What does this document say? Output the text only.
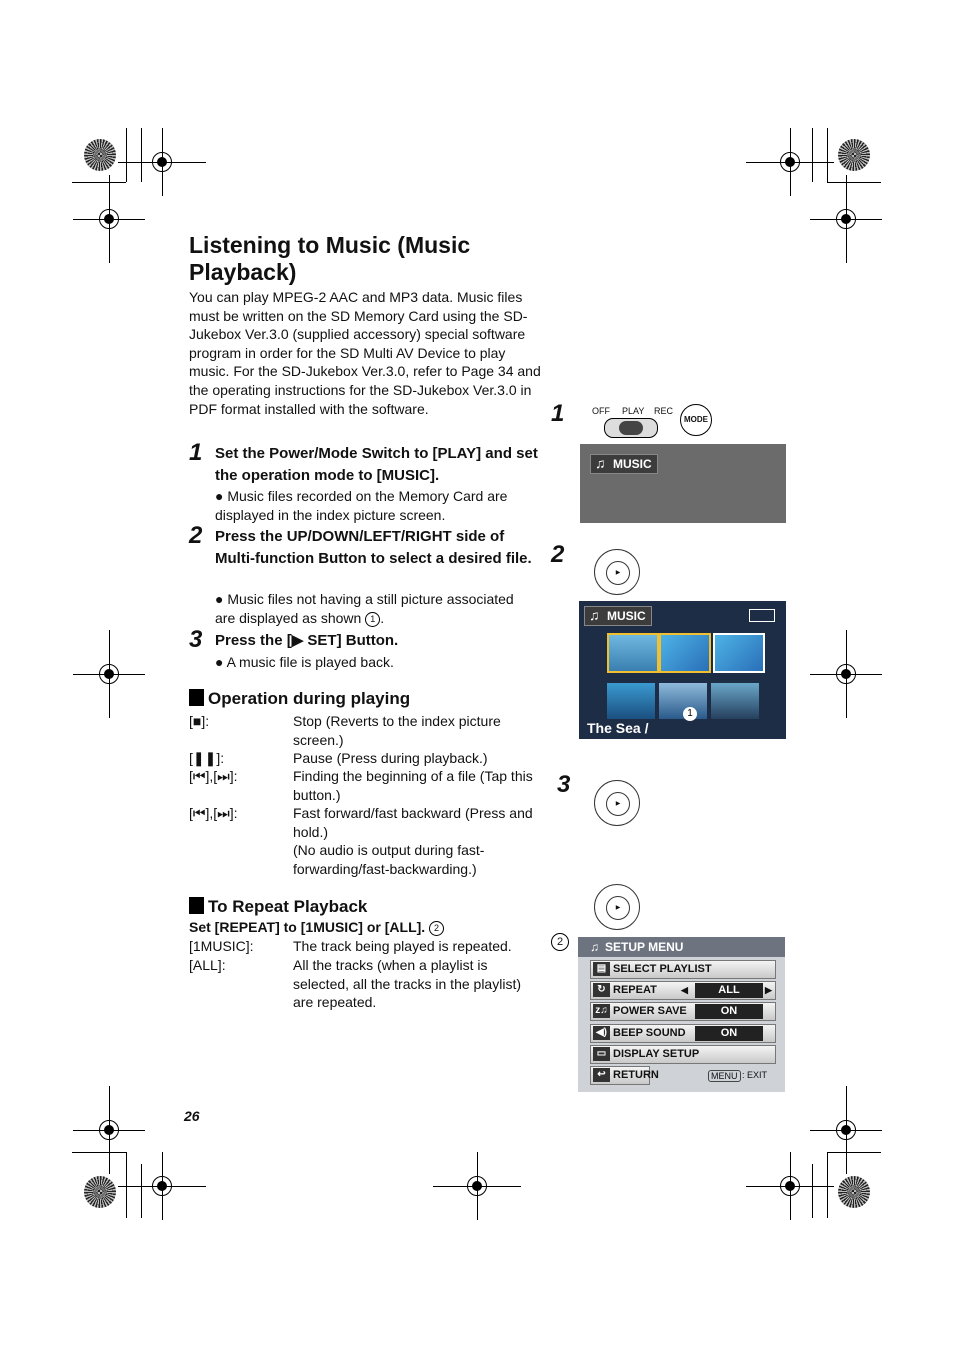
Listening to Music (Music Playback)
You can play MPEG-2 AAC and MP3 data. Music files must be written on the SD Memory Card using the SD-Jukebox Ver.3.0 (supplied accessory) special software program in order for the SD Multi AV Device to play music. For the SD-Jukebox Ver.3.0, refer to Page 34 and the operating instructions for the SD-Jukebox Ver.3.0 in PDF format installed with the software.
1 Set the Power/Mode Switch to [PLAY] and set the operation mode to [MUSIC].
● Music files recorded on the Memory Card are displayed in the index picture screen.
2 Press the UP/DOWN/LEFT/RIGHT side of Multi-function Button to select a desired file.
● Music files not having a still picture associated are displayed as shown 1 .
3 Press the [▶ SET] Button.
● A music file is played back.
Operation during playing
[■]:	Stop (Reverts to the index picture screen.)
[❚❚]:	Pause (Press during playback.)
[⏮],[⏭]:	Finding the beginning of a file (Tap this button.)
[⏮],[⏭]:	Fast forward/fast backward (Press and hold.)
(No audio is output during fast-forwarding/fast-backwarding.)
To Repeat Playback
Set [REPEAT] to [1MUSIC] or [ALL]. 2
[1MUSIC]:	The track being played is repeated.
[ALL]:	All the tracks (when a playlist is selected, all the tracks in the playlist) are repeated.
26
1	OFF PLAY REC
MODE
♫ MUSIC
2
▶
♫ MUSIC
1
The Sea /
3
▶
▶
2	♫ SETUP MENU
▤ SELECT PLAYLIST
↻ REPEAT	◀	ALL	▶
z♫ POWER SAVE	ON
◀) BEEP SOUND	ON
▭ DISPLAY SETUP
↩ RETURN	MENU : EXIT
